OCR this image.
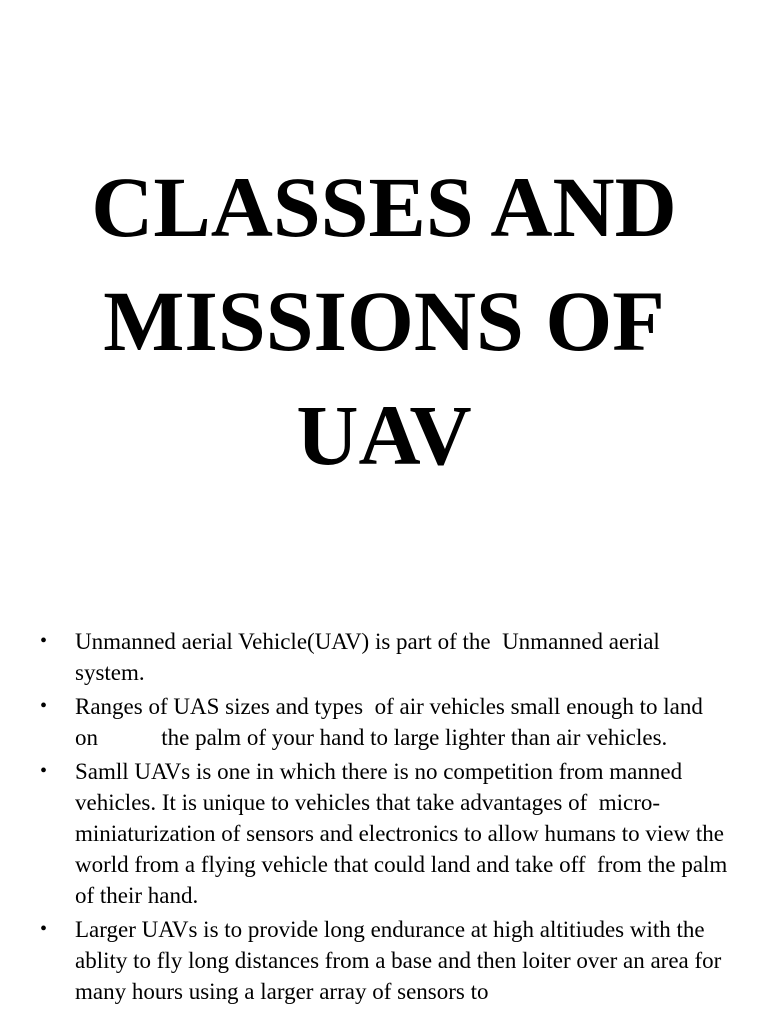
CLASSES AND
MISSIONS OF
UAV
•	Unmanned aerial Vehicle(UAV) is part of the  Unmanned aerial system.
•	Ranges of UAS sizes and types  of air vehicles small enough to land on           the palm of your hand to large lighter than air vehicles.
•	Samll UAVs is one in which there is no competition from manned vehicles. It is unique to vehicles that take advantages of  micro-miniaturization of sensors and electronics to allow humans to view the world from a flying vehicle that could land and take off  from the palm of their hand.
•	Larger UAVs is to provide long endurance at high altitiudes with the ablity to fly long distances from a base and then loiter over an area for many hours using a larger array of sensors to
